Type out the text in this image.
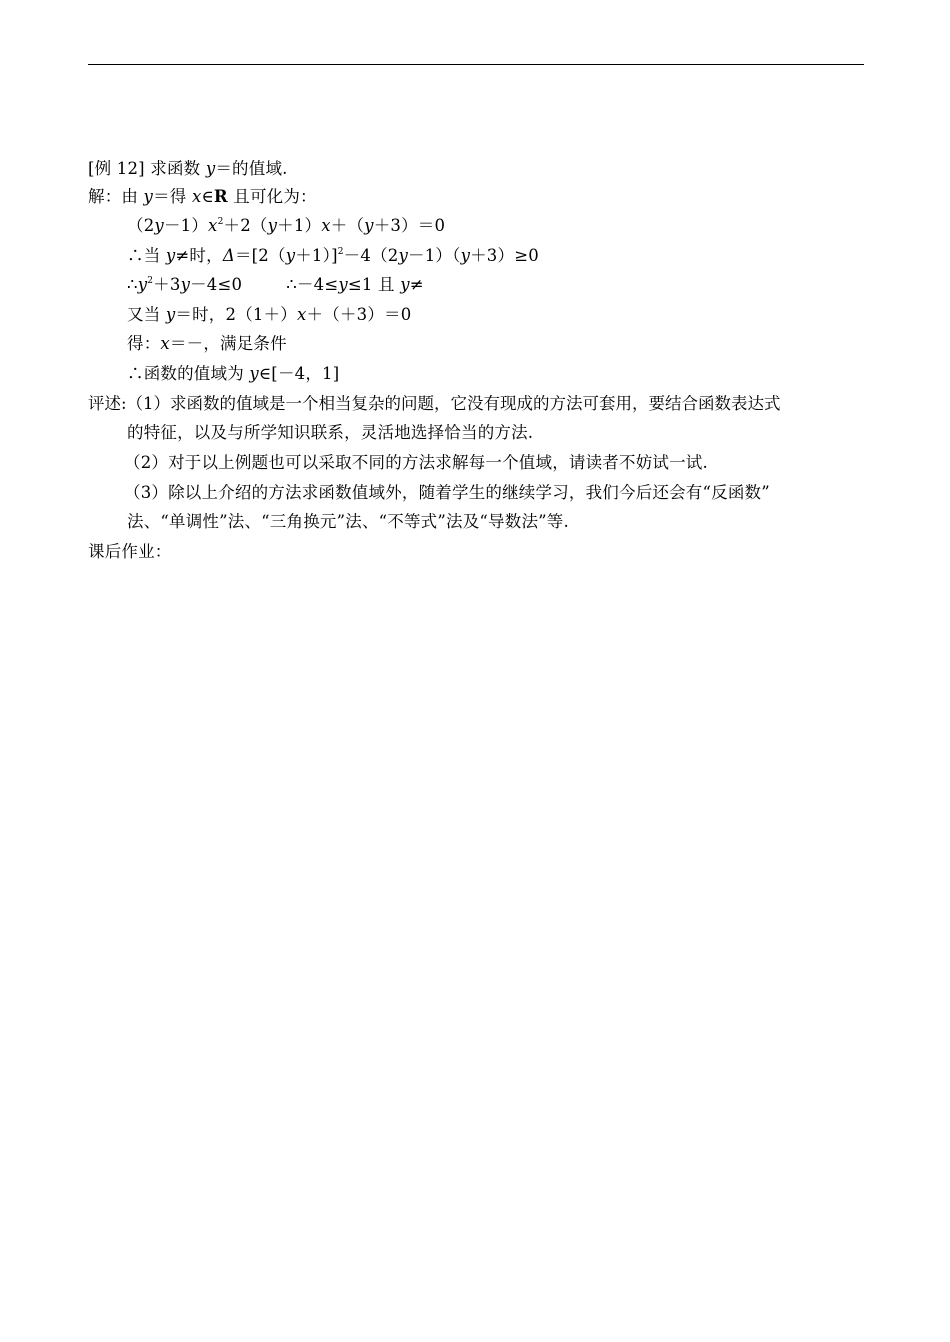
[例 12] 求函数 y＝的值域.
解：由 y＝得 x∈R 且可化为：
$(2y-1)x^2+2(y+1)x+(y+3)=0$
∴当 y≠时，$\Delta=[2(y+1)]^2-4(2y-1)(y+3)\ge 0$
$\therefore y^2+3y-4\le 0$	∴－4≤y≤1 且 y≠
又当 y＝时，2（1＋）x＋（＋3）＝0
得：x＝－，满足条件
∴函数的值域为 y∈[－4，1]
评述:（1）求函数的值域是一个相当复杂的问题，它没有现成的方法可套用，要结合函数表达式
的特征，以及与所学知识联系，灵活地选择恰当的方法.
（2）对于以上例题也可以采取不同的方法求解每一个值域，请读者不妨试一试.
（3）除以上介绍的方法求函数值域外，随着学生的继续学习，我们今后还会有“反函数”
法、“单调性”法、“三角换元”法、“不等式”法及“导数法”等.
课后作业：
